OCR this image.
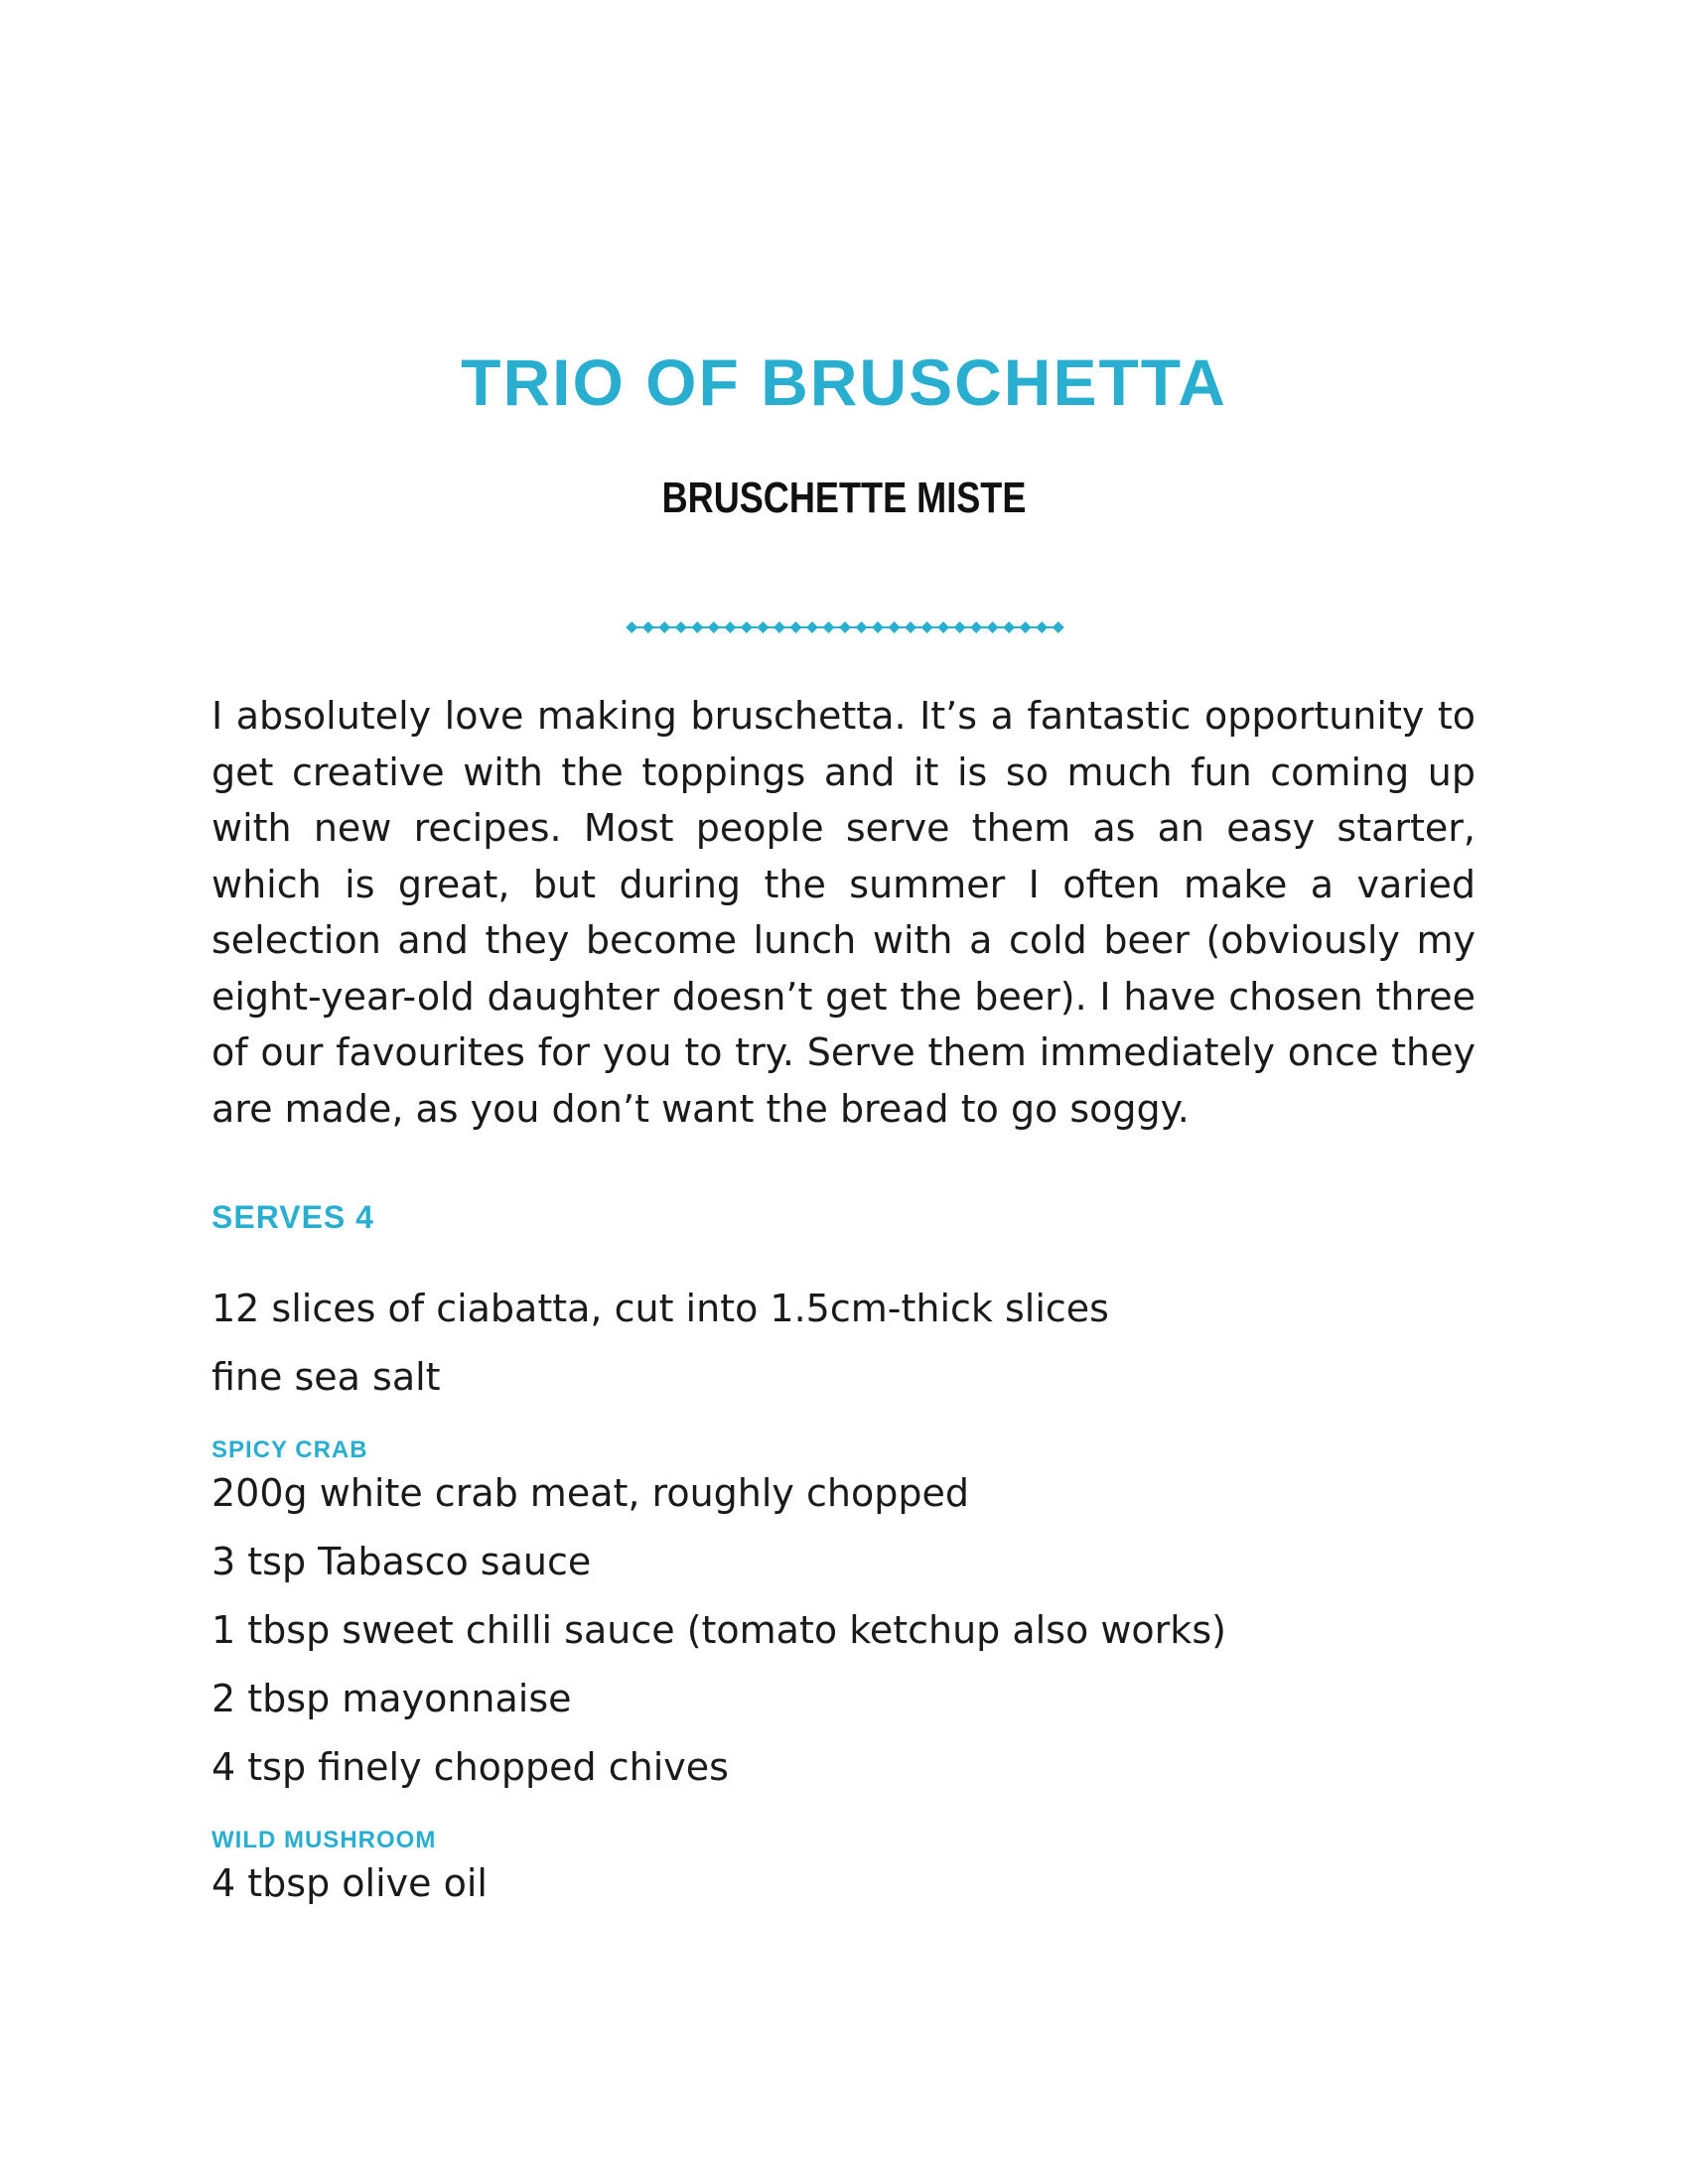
TRIO OF BRUSCHETTA
BRUSCHETTE MISTE

I absolutely love making bruschetta. It’s a fantastic opportunity to get creative with the toppings and it is so much fun coming up with new recipes. Most people serve them as an easy starter, which is great, but during the summer I often make a varied selection and they become lunch with a cold beer (obviously my eight-year-old daughter doesn’t get the beer). I have chosen three of our favourites for you to try. Serve them immediately once they are made, as you don’t want the bread to go soggy.

SERVES 4
12 slices of ciabatta, cut into 1.5cm-thick slices
fine sea salt
SPICY CRAB
200g white crab meat, roughly chopped
3 tsp Tabasco sauce
1 tbsp sweet chilli sauce (tomato ketchup also works)
2 tbsp mayonnaise
4 tsp finely chopped chives
WILD MUSHROOM
4 tbsp olive oil
